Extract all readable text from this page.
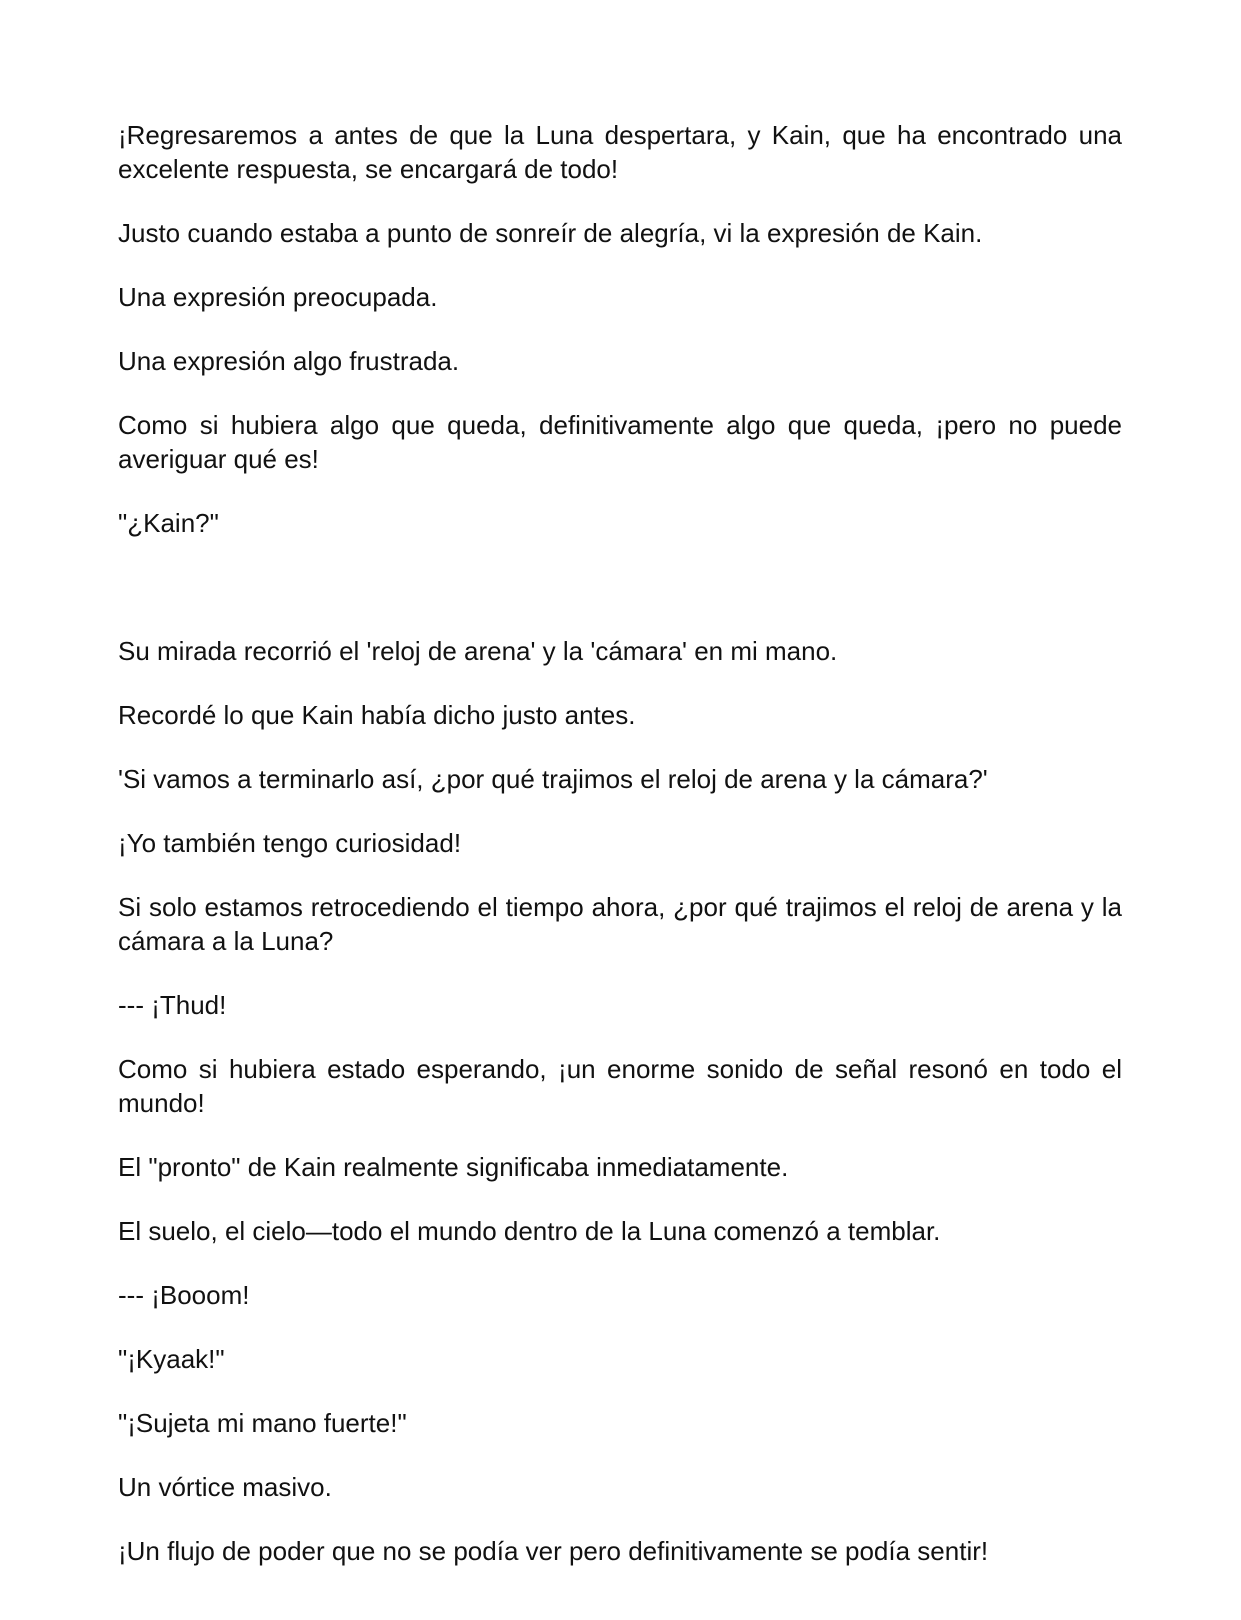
¡Regresaremos a antes de que la Luna despertara, y Kain, que ha encontrado una excelente respuesta, se encargará de todo!

Justo cuando estaba a punto de sonreír de alegría, vi la expresión de Kain.

Una expresión preocupada.

Una expresión algo frustrada.

Como si hubiera algo que queda, definitivamente algo que queda, ¡pero no puede averiguar qué es!

"¿Kain?"

Su mirada recorrió el 'reloj de arena' y la 'cámara' en mi mano.

Recordé lo que Kain había dicho justo antes.

'Si vamos a terminarlo así, ¿por qué trajimos el reloj de arena y la cámara?'

¡Yo también tengo curiosidad!

Si solo estamos retrocediendo el tiempo ahora, ¿por qué trajimos el reloj de arena y la cámara a la Luna?

--- ¡Thud!

Como si hubiera estado esperando, ¡un enorme sonido de señal resonó en todo el mundo!

El "pronto" de Kain realmente significaba inmediatamente.

El suelo, el cielo—todo el mundo dentro de la Luna comenzó a temblar.

--- ¡Booom!

"¡Kyaak!"

"¡Sujeta mi mano fuerte!"

Un vórtice masivo.

¡Un flujo de poder que no se podía ver pero definitivamente se podía sentir!
